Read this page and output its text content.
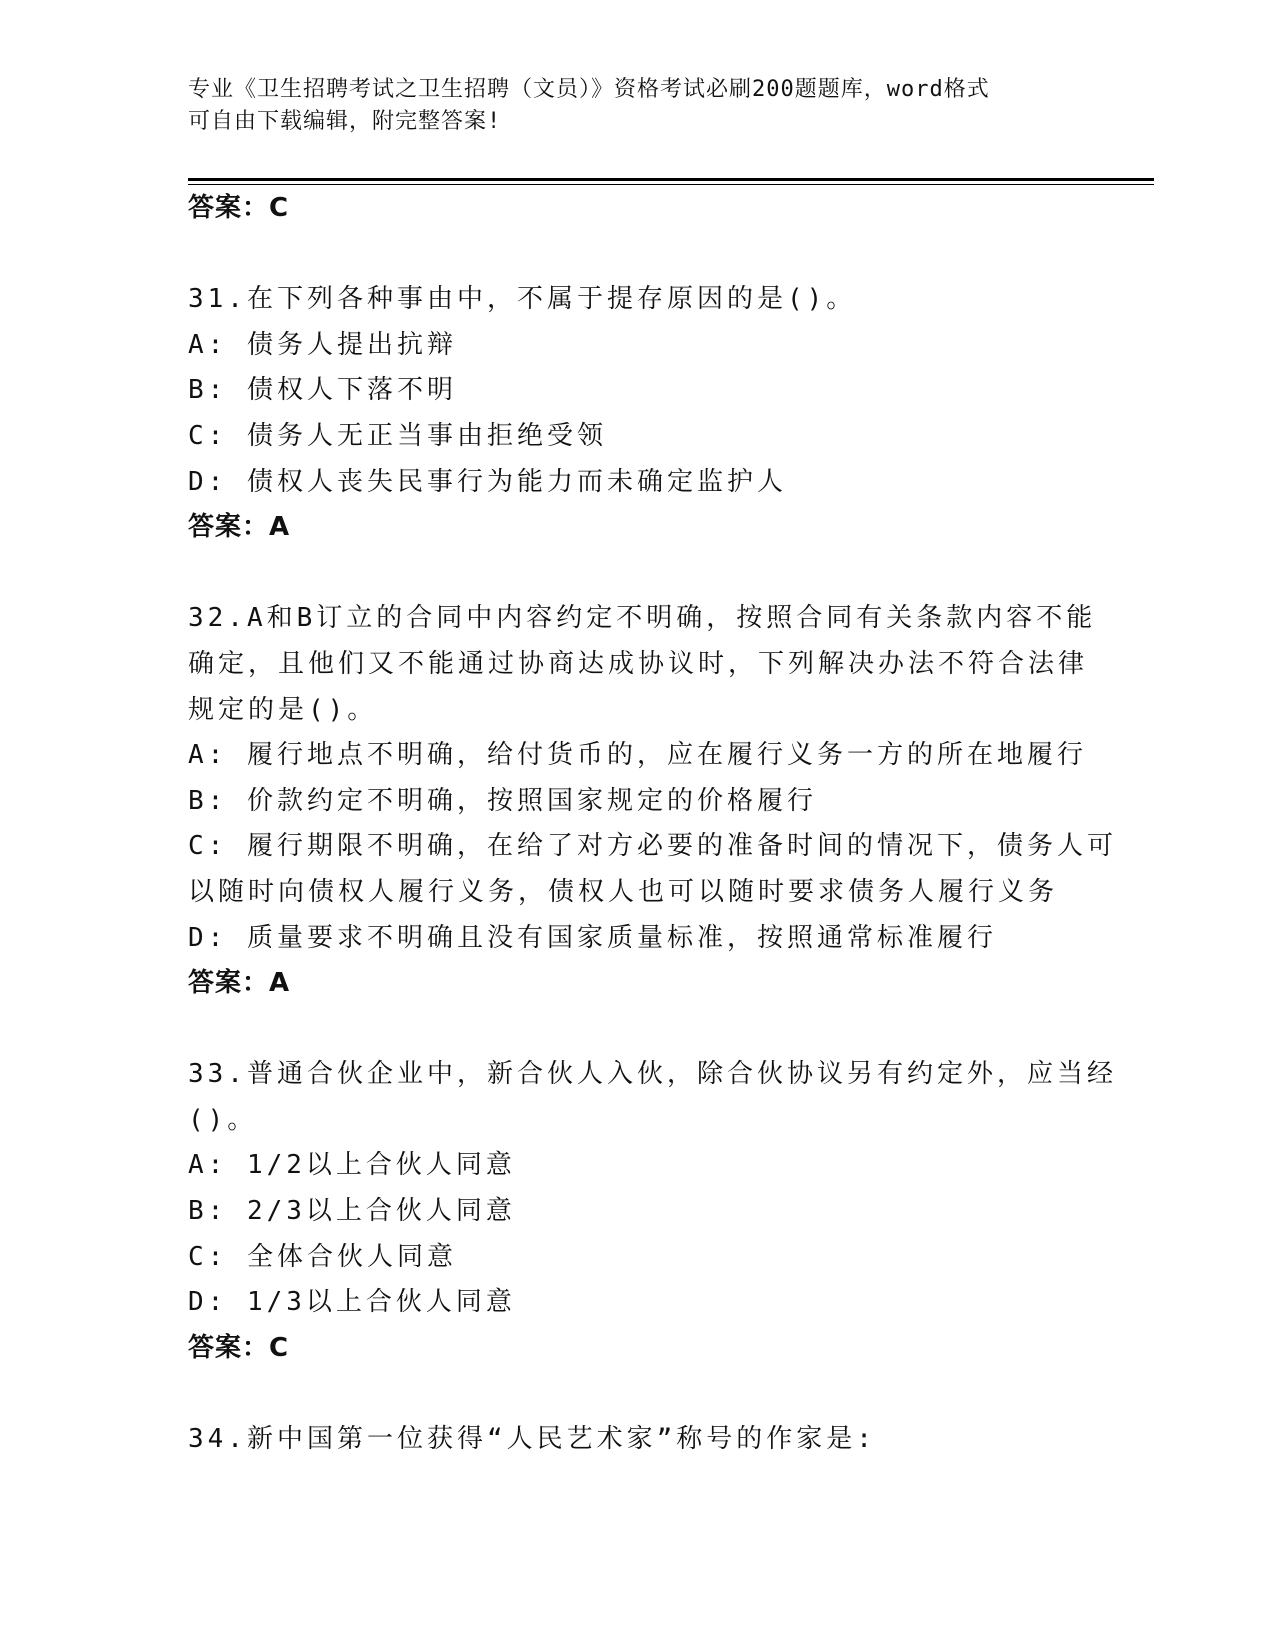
专业《卫生招聘考试之卫生招聘（文员）》资格考试必刷200题题库，word格式
可自由下载编辑，附完整答案!
答案：C
31.在下列各种事由中，不属于提存原因的是()。
A: 债务人提出抗辩
B: 债权人下落不明
C: 债务人无正当事由拒绝受领
D: 债权人丧失民事行为能力而未确定监护人
答案：A
32.A和B订立的合同中内容约定不明确，按照合同有关条款内容不能
确定，且他们又不能通过协商达成协议时，下列解决办法不符合法律
规定的是()。
A: 履行地点不明确，给付货币的，应在履行义务一方的所在地履行
B: 价款约定不明确，按照国家规定的价格履行
C: 履行期限不明确，在给了对方必要的准备时间的情况下，债务人可
以随时向债权人履行义务，债权人也可以随时要求债务人履行义务
D: 质量要求不明确且没有国家质量标准，按照通常标准履行
答案：A
33.普通合伙企业中，新合伙人入伙，除合伙协议另有约定外，应当经
()。
A: 1/2以上合伙人同意
B: 2/3以上合伙人同意
C: 全体合伙人同意
D: 1/3以上合伙人同意
答案：C
34.新中国第一位获得“人民艺术家”称号的作家是:
